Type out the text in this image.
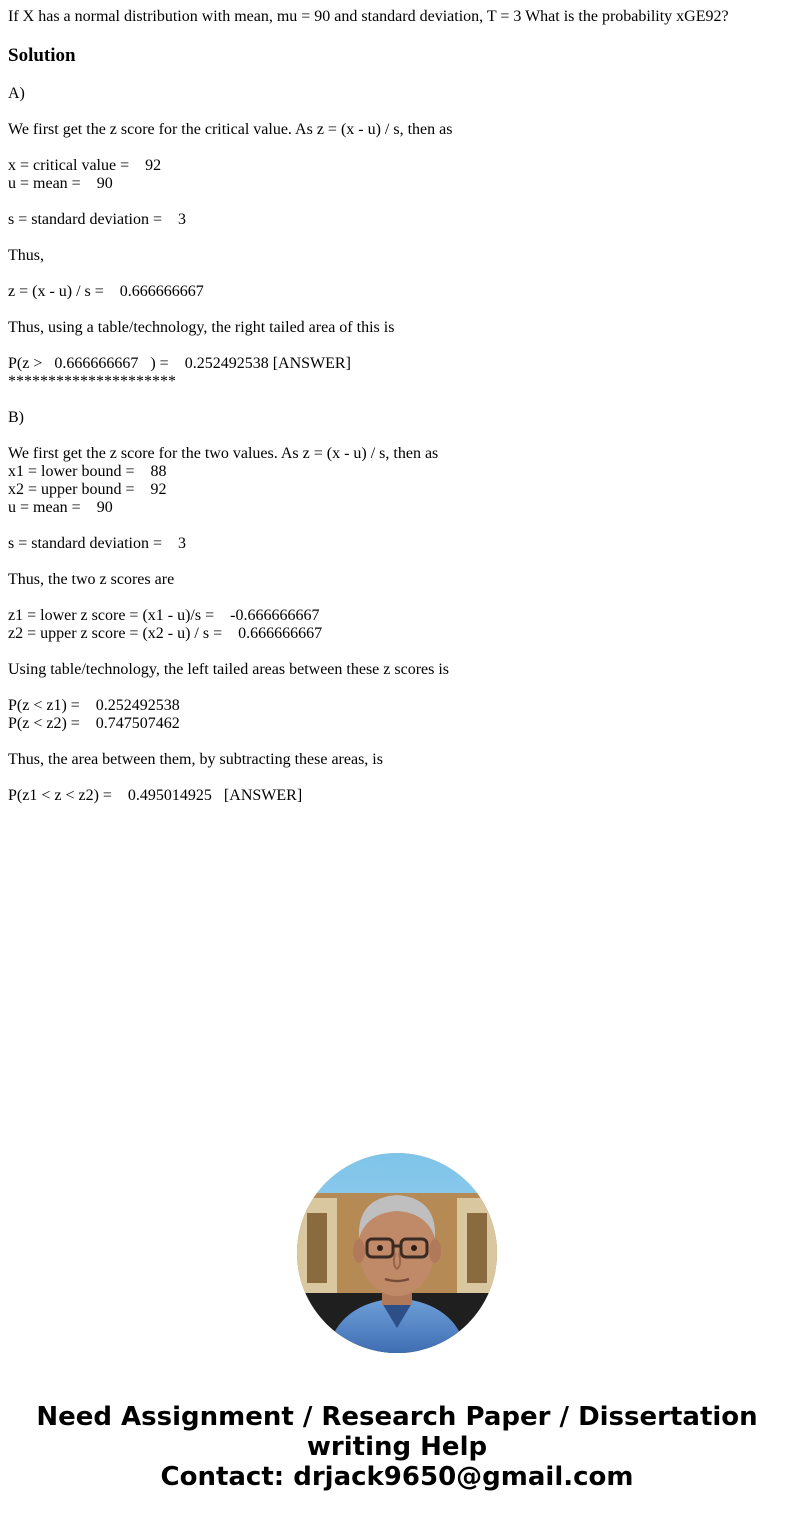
If X has a normal distribution with mean, mu = 90 and standard deviation, T = 3 What is the probability xGE92?
Solution
A)
We first get the z score for the critical value. As z = (x - u) / s, then as
x = critical value =    92
u = mean =    90
s = standard deviation =    3
Thus,
z = (x - u) / s =    0.666666667
Thus, using a table/technology, the right tailed area of this is
P(z >   0.666666667   ) =    0.252492538 [ANSWER]
*********************
B)
We first get the z score for the two values. As z = (x - u) / s, then as
x1 = lower bound =    88
x2 = upper bound =    92
u = mean =    90
s = standard deviation =    3
Thus, the two z scores are
z1 = lower z score = (x1 - u)/s =    -0.666666667
z2 = upper z score = (x2 - u) / s =    0.666666667
Using table/technology, the left tailed areas between these z scores is
P(z < z1) =    0.252492538
P(z < z2) =    0.747507462
Thus, the area between them, by subtracting these areas, is
P(z1 < z < z2) =    0.495014925   [ANSWER]
Need Assignment / Research Paper / Dissertation
writing Help
Contact: drjack9650@gmail.com
